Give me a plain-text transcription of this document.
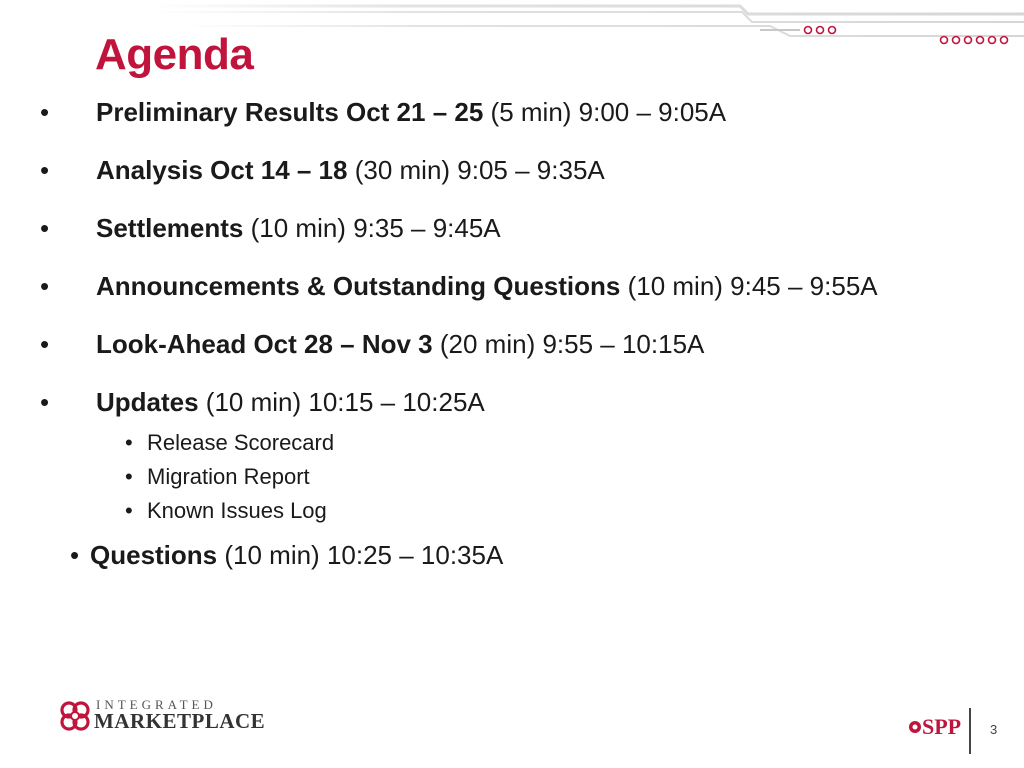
Agenda
•	Preliminary Results Oct 21 – 25 (5 min) 9:00 – 9:05A
•	Analysis Oct 14 – 18 (30 min) 9:05 – 9:35A
•	Settlements (10 min) 9:35 – 9:45A
•	Announcements & Outstanding Questions (10 min) 9:45 – 9:55A
•	Look-Ahead Oct 28 – Nov 3 (20 min) 9:55 – 10:15A
•	Updates (10 min) 10:15 – 10:25A
• Release Scorecard
• Migration Report
• Known Issues Log
• Questions (10 min) 10:25 – 10:35A
INTEGRATED
MARKETPLACE	SPP 3
